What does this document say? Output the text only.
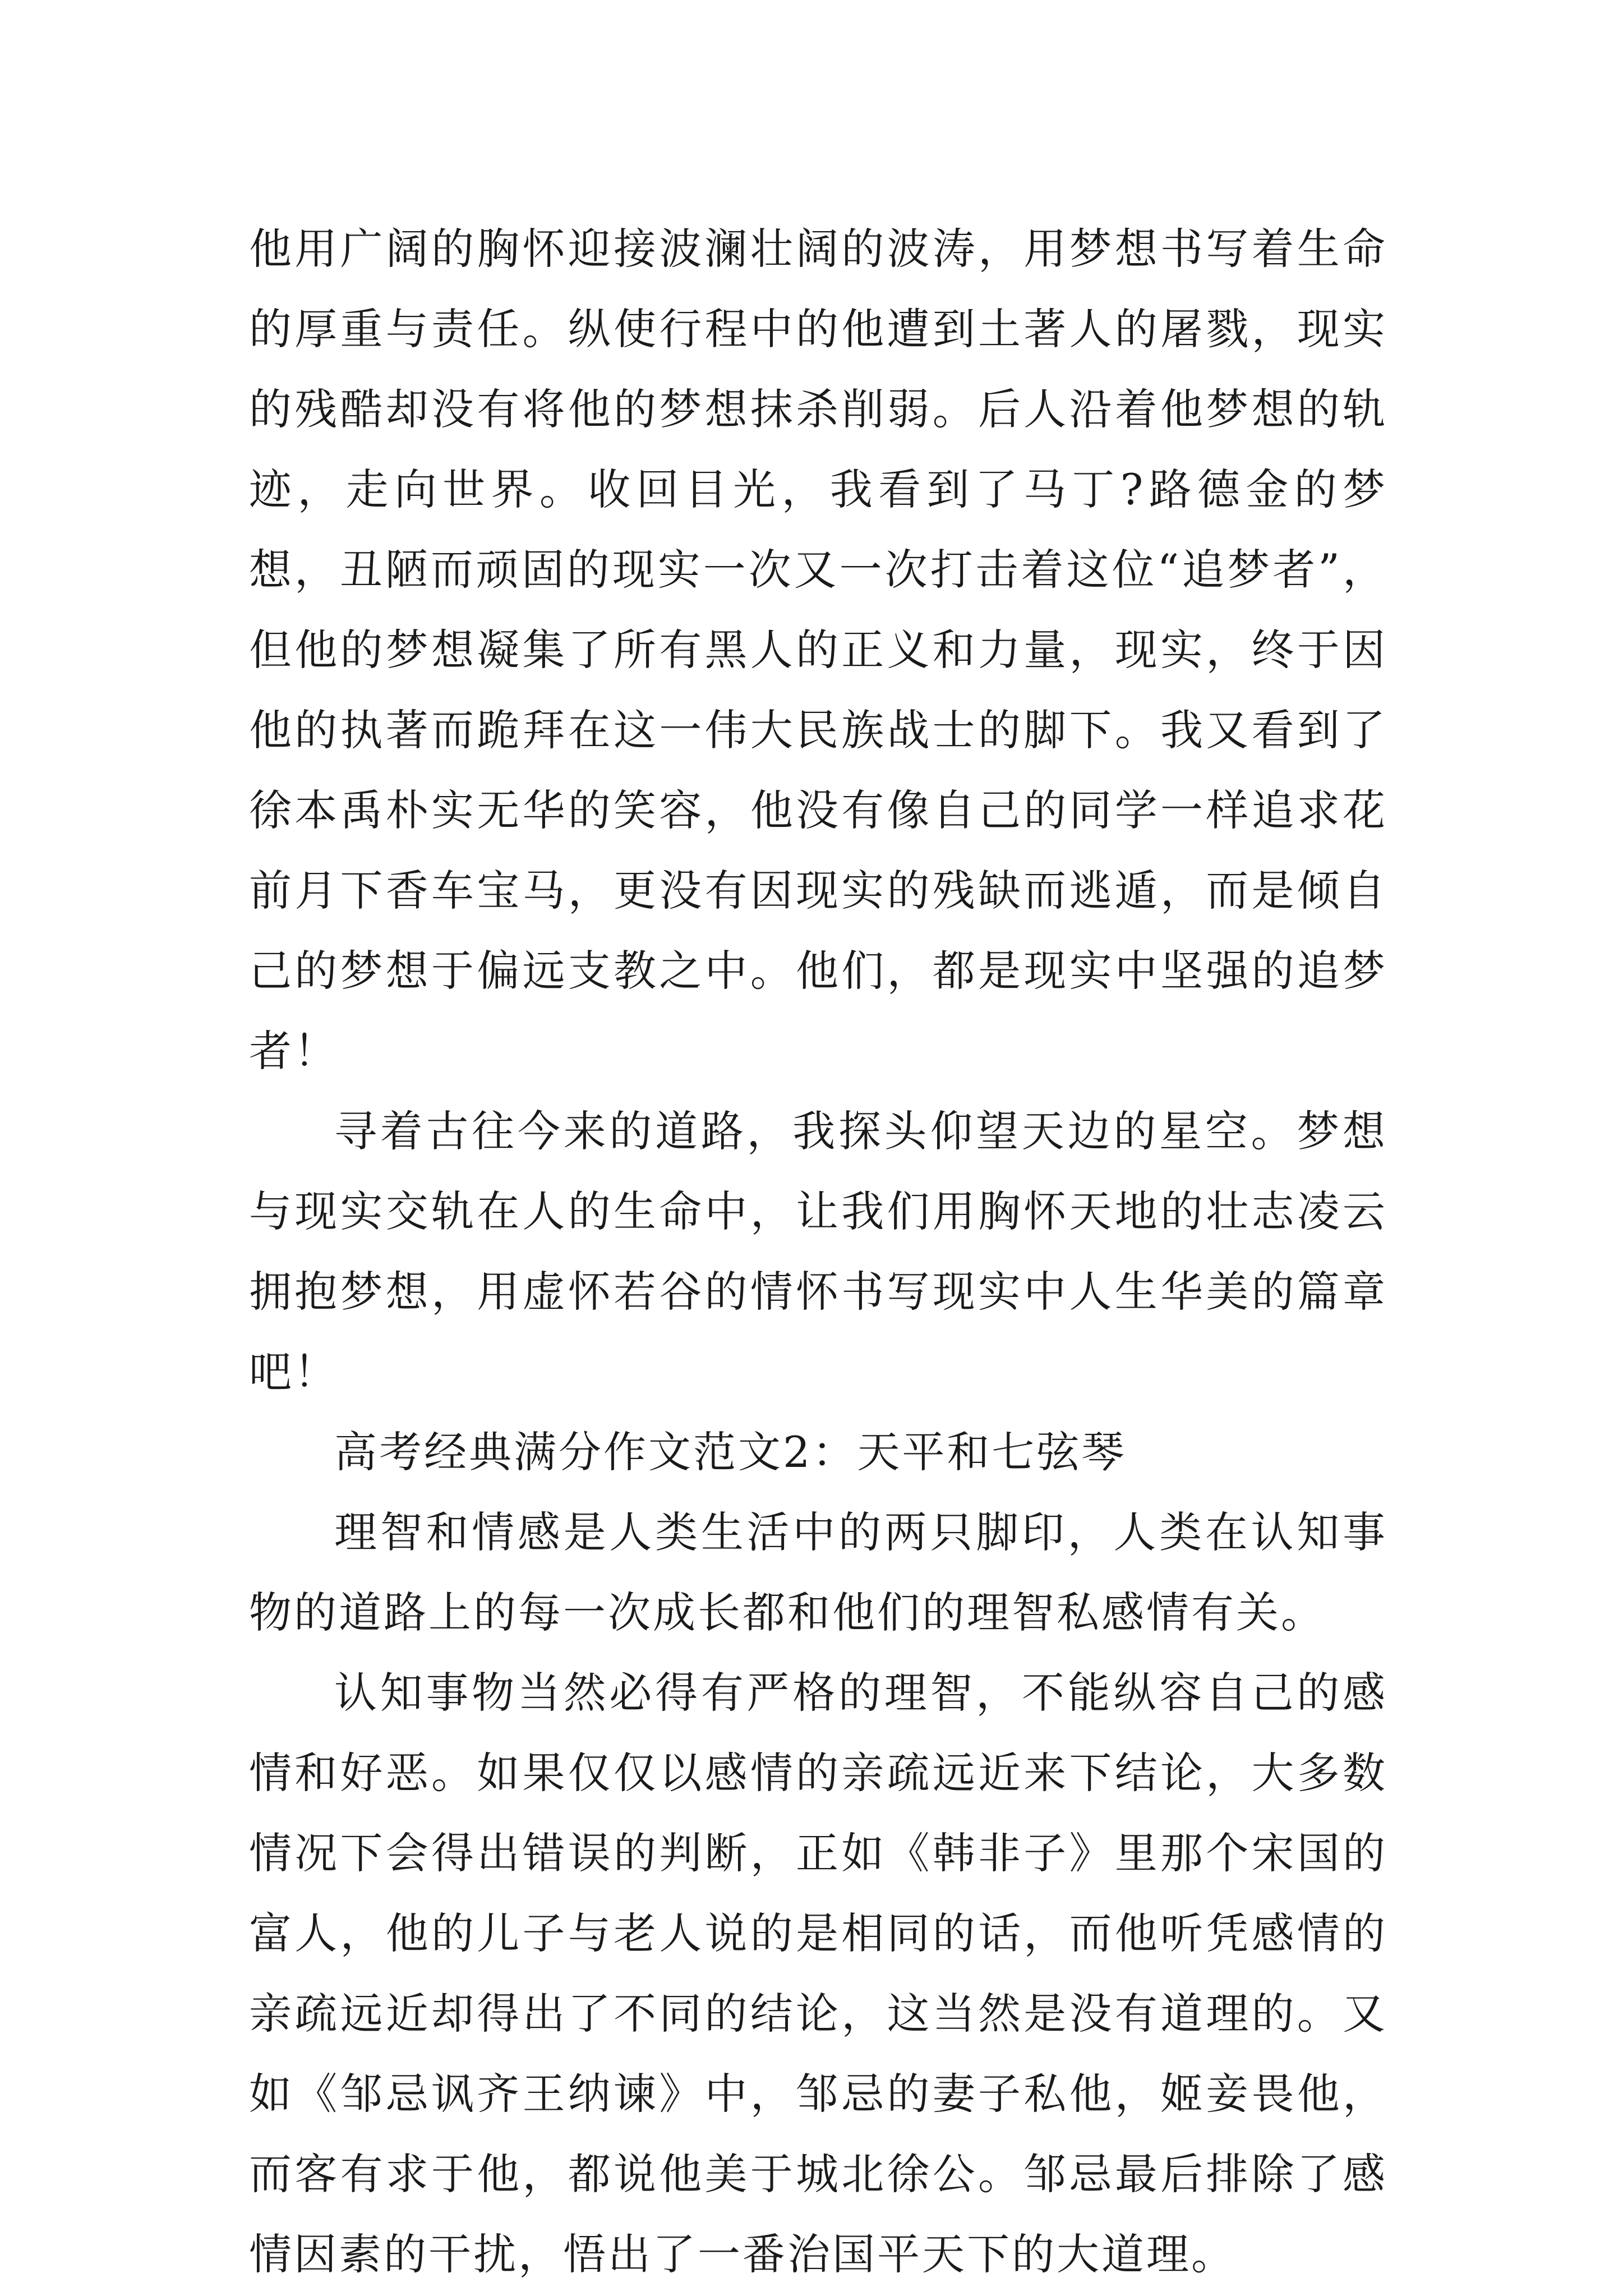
他用广阔的胸怀迎接波澜壮阔的波涛，用梦想书写着生命的厚重与责任。纵使行程中的他遭到土著人的屠戮，现实的残酷却没有将他的梦想抹杀削弱。后人沿着他梦想的轨迹，走向世界。收回目光，我看到了马丁?路德金的梦想，丑陋而顽固的现实一次又一次打击着这位“追梦者”，但他的梦想凝集了所有黑人的正义和力量，现实，终于因他的执著而跪拜在这一伟大民族战士的脚下。我又看到了徐本禹朴实无华的笑容，他没有像自己的同学一样追求花前月下香车宝马，更没有因现实的残缺而逃遁，而是倾自己的梦想于偏远支教之中。他们，都是现实中坚强的追梦者！

寻着古往今来的道路，我探头仰望天边的星空。梦想与现实交轨在人的生命中，让我们用胸怀天地的壮志凌云拥抱梦想，用虚怀若谷的情怀书写现实中人生华美的篇章吧！

高考经典满分作文范文2：天平和七弦琴

理智和情感是人类生活中的两只脚印，人类在认知事物的道路上的每一次成长都和他们的理智私感情有关。

认知事物当然必得有严格的理智，不能纵容自己的感情和好恶。如果仅仅以感情的亲疏远近来下结论，大多数情况下会得出错误的判断，正如《韩非子》里那个宋国的富人，他的儿子与老人说的是相同的话，而他听凭感情的亲疏远近却得出了不同的结论，这当然是没有道理的。又如《邹忌讽齐王纳谏》中，邹忌的妻子私他，姬妾畏他，而客有求于他，都说他美于城北徐公。邹忌最后排除了感情因素的干扰，悟出了一番治国平天下的大道理。
